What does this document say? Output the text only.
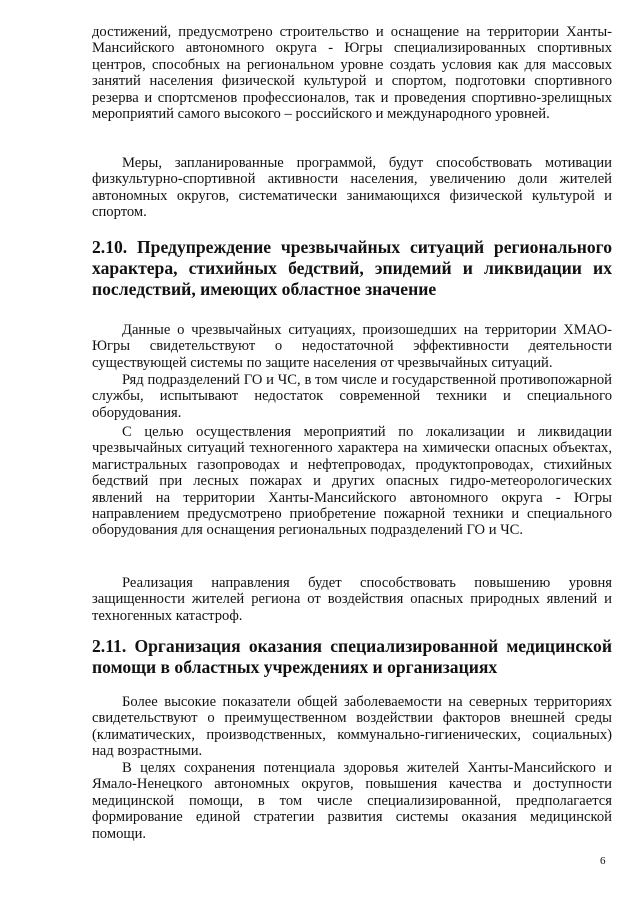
достижений, предусмотрено строительство и оснащение на территории Ханты-Мансийского автономного округа - Югры специализированных спортивных центров, способных на региональном уровне создать условия как для массовых занятий населения физической культурой и спортом, подготовки спортивного резерва и спортсменов профессионалов, так и проведения спортивно-зрелищных мероприятий самого высокого – российского и международного уровней.

Меры, запланированные программой, будут способствовать мотивации физкультурно-спортивной активности населения, увеличению доли жителей автономных округов, систематически занимающихся физической культурой и спортом.

2.10. Предупреждение чрезвычайных ситуаций регионального характера, стихийных бедствий, эпидемий и ликвидации их последствий, имеющих областное значение

Данные о чрезвычайных ситуациях, произошедших на территории ХМАО-Югры свидетельствуют о недостаточной эффективности деятельности существующей системы по защите населения от чрезвычайных ситуаций.

Ряд подразделений ГО и ЧС, в том числе и государственной противопожарной службы, испытывают недостаток современной техники и специального оборудования.

С целью осуществления мероприятий по локализации и ликвидации чрезвычайных ситуаций техногенного характера на химически опасных объектах, магистральных газопроводах и нефтепроводах, продуктопроводах, стихийных бедствий при лесных пожарах и других опасных гидро-метеорологических явлений на территории Ханты-Мансийского автономного округа - Югры направлением предусмотрено приобретение пожарной техники и специального оборудования для оснащения региональных подразделений ГО и ЧС.

Реализация направления будет способствовать повышению уровня защищенности жителей региона от воздействия опасных природных явлений и техногенных катастроф.

2.11. Организация оказания специализированной медицинской помощи в областных учреждениях и организациях

Более высокие показатели общей заболеваемости на северных территориях свидетельствуют о преимущественном воздействии факторов внешней среды (климатических, производственных, коммунально-гигиенических, социальных) над возрастными.

В целях сохранения потенциала здоровья жителей Ханты-Мансийского и Ямало-Ненецкого автономных округов, повышения качества и доступности медицинской помощи, в том числе специализированной, предполагается формирование единой стратегии развития системы оказания медицинской помощи.

6
